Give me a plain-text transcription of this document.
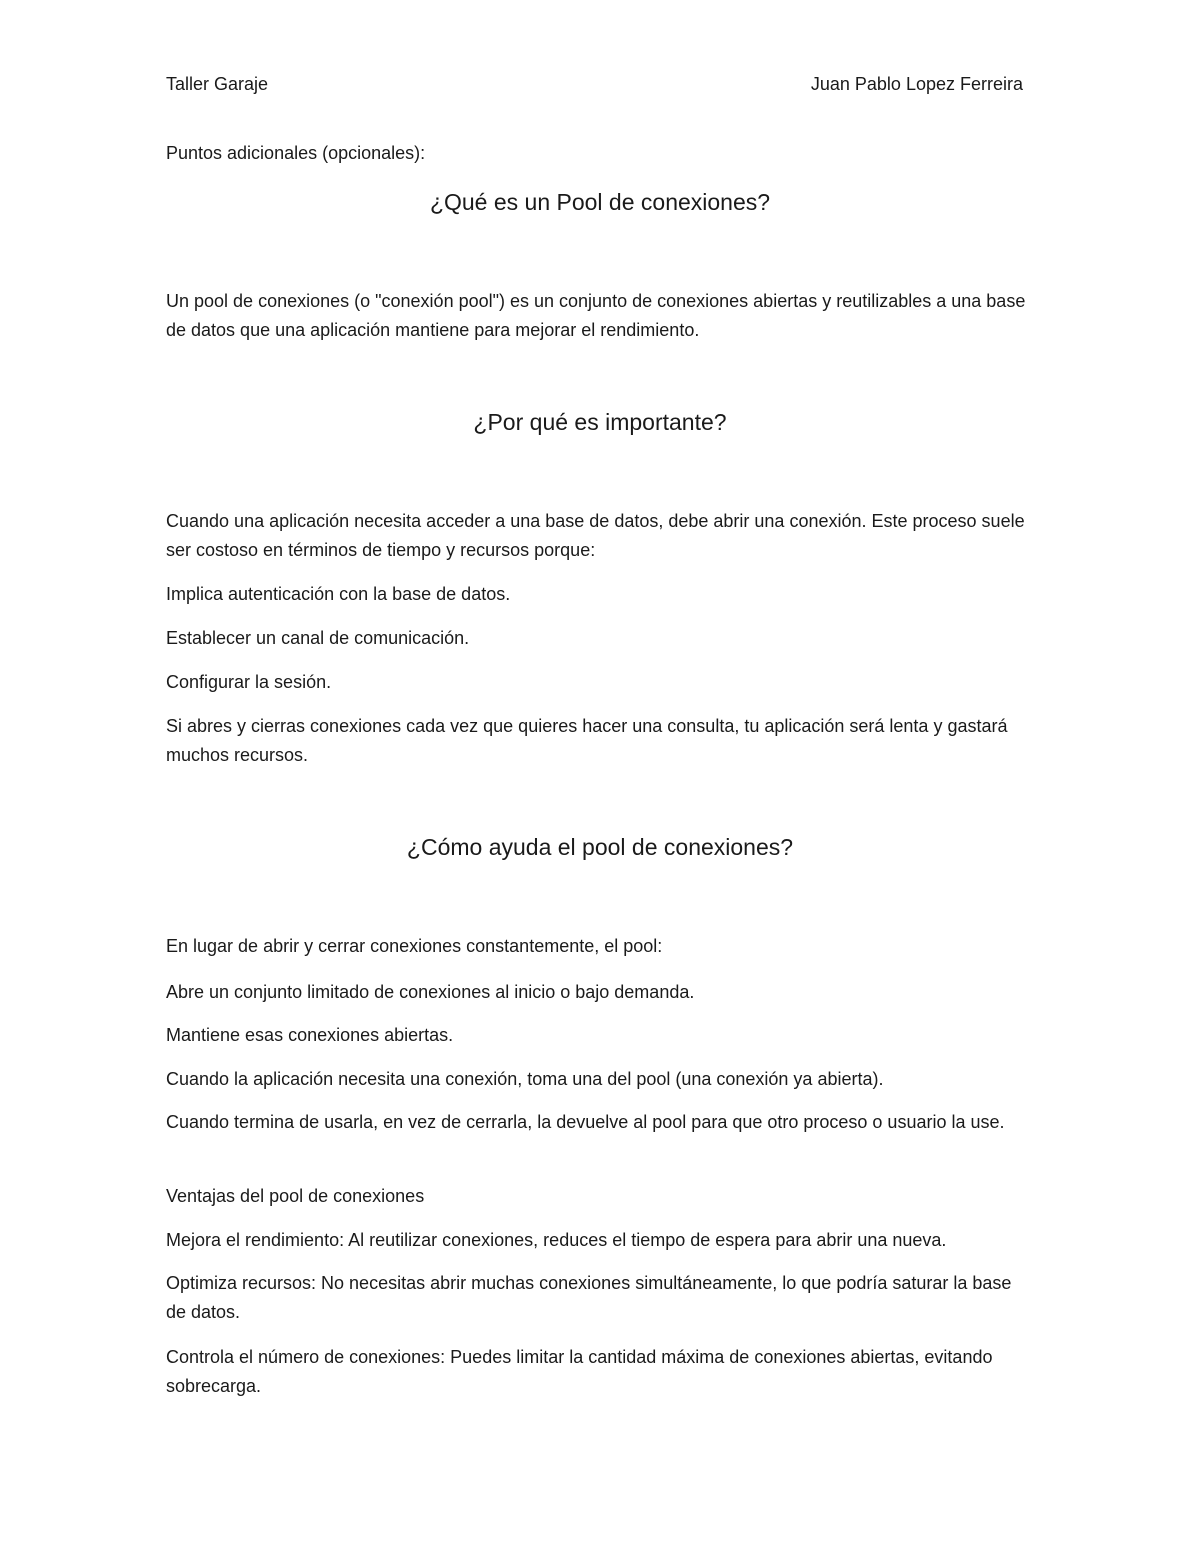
Taller Garaje	Juan Pablo Lopez Ferreira

Puntos adicionales (opcionales):

¿Qué es un Pool de conexiones?

Un pool de conexiones (o "conexión pool") es un conjunto de conexiones abiertas y reutilizables a una base de datos que una aplicación mantiene para mejorar el rendimiento.

¿Por qué es importante?

Cuando una aplicación necesita acceder a una base de datos, debe abrir una conexión. Este proceso suele ser costoso en términos de tiempo y recursos porque:

Implica autenticación con la base de datos.

Establecer un canal de comunicación.

Configurar la sesión.

Si abres y cierras conexiones cada vez que quieres hacer una consulta, tu aplicación será lenta y gastará muchos recursos.

¿Cómo ayuda el pool de conexiones?

En lugar de abrir y cerrar conexiones constantemente, el pool:

Abre un conjunto limitado de conexiones al inicio o bajo demanda.

Mantiene esas conexiones abiertas.

Cuando la aplicación necesita una conexión, toma una del pool (una conexión ya abierta).

Cuando termina de usarla, en vez de cerrarla, la devuelve al pool para que otro proceso o usuario la use.

Ventajas del pool de conexiones

Mejora el rendimiento: Al reutilizar conexiones, reduces el tiempo de espera para abrir una nueva.

Optimiza recursos: No necesitas abrir muchas conexiones simultáneamente, lo que podría saturar la base de datos.

Controla el número de conexiones: Puedes limitar la cantidad máxima de conexiones abiertas, evitando sobrecarga.
